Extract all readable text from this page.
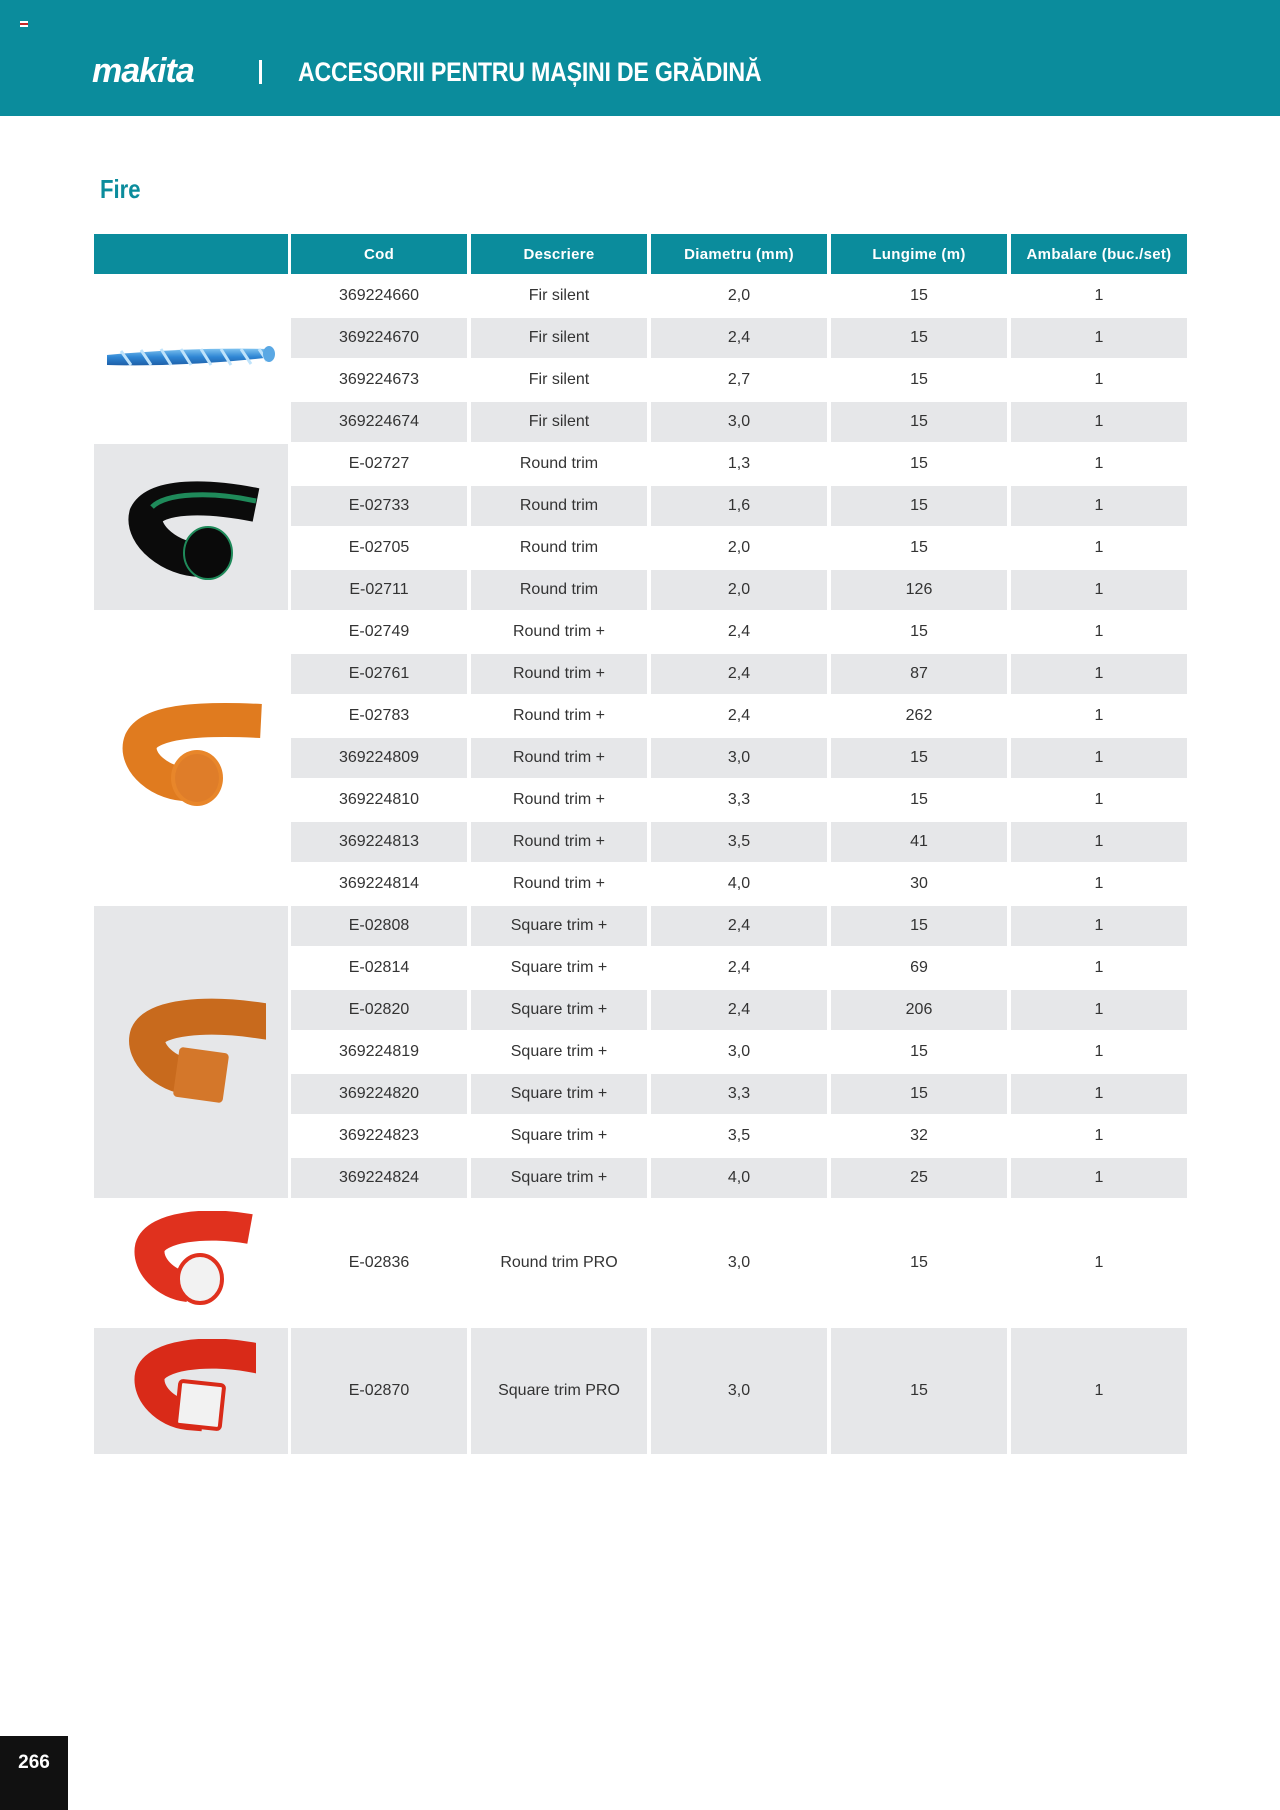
makita	ACCESORII PENTRU MAȘINI DE GRĂDINĂ
Fire
Cod	Descriere	Diametru (mm)	Lungime (m)	Ambalare (buc./set)
369224660	Fir silent	2,0	15	1
369224670	Fir silent	2,4	15	1
369224673	Fir silent	2,7	15	1
369224674	Fir silent	3,0	15	1
E-02727	Round trim	1,3	15	1
E-02733	Round trim	1,6	15	1
E-02705	Round trim	2,0	15	1
E-02711	Round trim	2,0	126	1
E-02749	Round trim +	2,4	15	1
E-02761	Round trim +	2,4	87	1
E-02783	Round trim +	2,4	262	1
369224809	Round trim +	3,0	15	1
369224810	Round trim +	3,3	15	1
369224813	Round trim +	3,5	41	1
369224814	Round trim +	4,0	30	1
E-02808	Square trim +	2,4	15	1
E-02814	Square trim +	2,4	69	1
E-02820	Square trim +	2,4	206	1
369224819	Square trim +	3,0	15	1
369224820	Square trim +	3,3	15	1
369224823	Square trim +	3,5	32	1
369224824	Square trim +	4,0	25	1
E-02836	Round trim PRO	3,0	15	1
E-02870	Square trim PRO	3,0	15	1
266
